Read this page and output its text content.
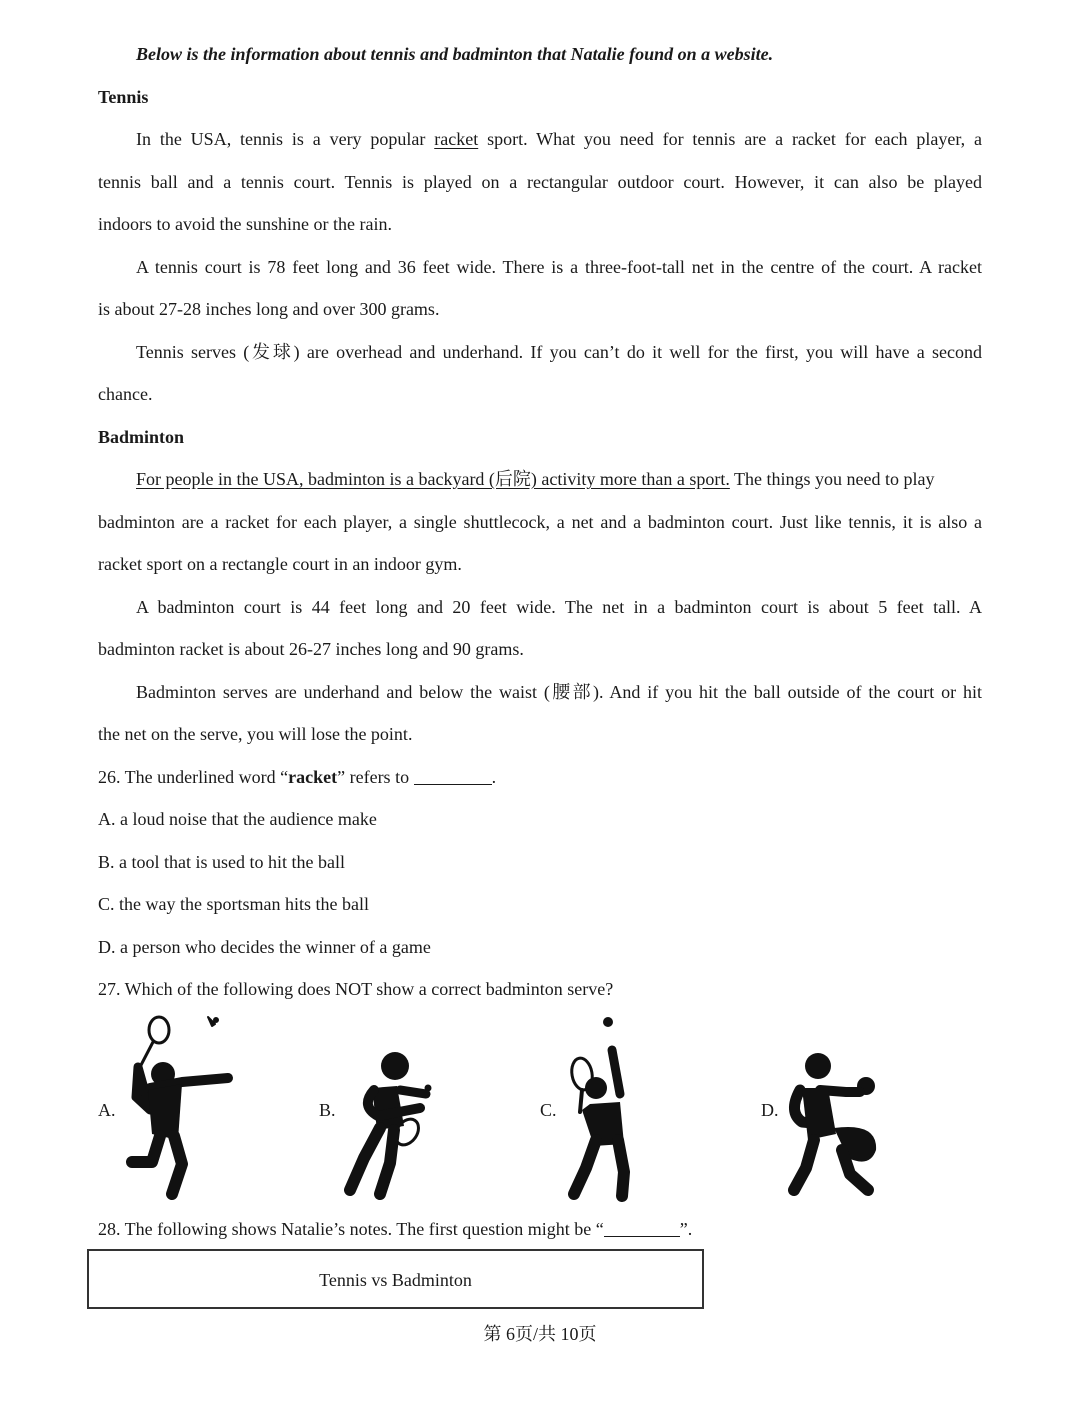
Below is the information about tennis and badminton that Natalie found on a website.
Tennis
In the USA, tennis is a very popular racket sport. What you need for tennis are a racket for each player, a
tennis ball and a tennis court. Tennis is played on a rectangular outdoor court. However, it can also be played
indoors to avoid the sunshine or the rain.
A tennis court is 78 feet long and 36 feet wide. There is a three-foot-tall net in the centre of the court. A racket
is about 27-28 inches long and over 300 grams.
Tennis serves (发球) are overhead and underhand. If you can’t do it well for the first, you will have a second
chance.
Badminton
For people in the USA, badminton is a backyard (后院) activity more than a sport. The things you need to play
badminton are a racket for each player, a single shuttlecock, a net and a badminton court. Just like tennis, it is also a
racket sport on a rectangle court in an indoor gym.
A badminton court is 44 feet long and 20 feet wide. The net in a badminton court is about 5 feet tall. A
badminton racket is about 26-27 inches long and 90 grams.
Badminton serves are underhand and below the waist (腰部). And if you hit the ball outside of the court or hit
the net on the serve, you will lose the point.
26. The underlined word “racket” refers to	.
A. a loud noise that the audience make
B. a tool that is used to hit the ball
C. the way the sportsman hits the ball
D. a person who decides the winner of a game
27. Which of the following does NOT show a correct badminton serve?
A.	B.	C.	D.
28. The following shows Natalie’s notes. The first question might be “	”.
Tennis vs Badminton
第 6页/共 10页
